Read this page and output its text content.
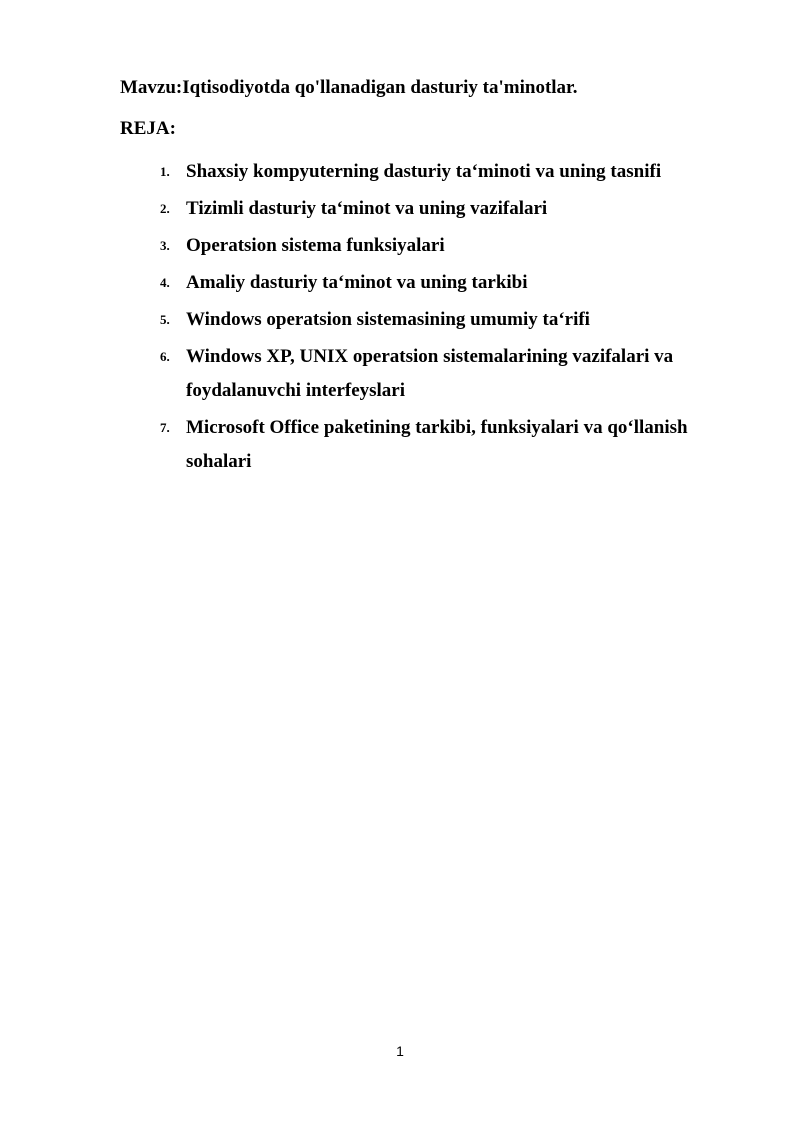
Mavzu:Iqtisodiyotda qo'llanadigan dasturiy ta'minotlar.
REJA:
1. Shaxsiy kompyuterning dasturiy ta‘minoti va uning tasnifi
2. Tizimli dasturiy ta‘minot va uning vazifalari
3. Operatsion sistema funksiyalari
4. Amaliy dasturiy ta‘minot va uning tarkibi
5. Windows operatsion sistemasining umumiy ta‘rifi
6. Windows XP, UNIX operatsion sistemalarining vazifalari va foydalanuvchi interfeyslari
7. Microsoft Office paketining tarkibi, funksiyalari va qo‘llanish sohalari
1
